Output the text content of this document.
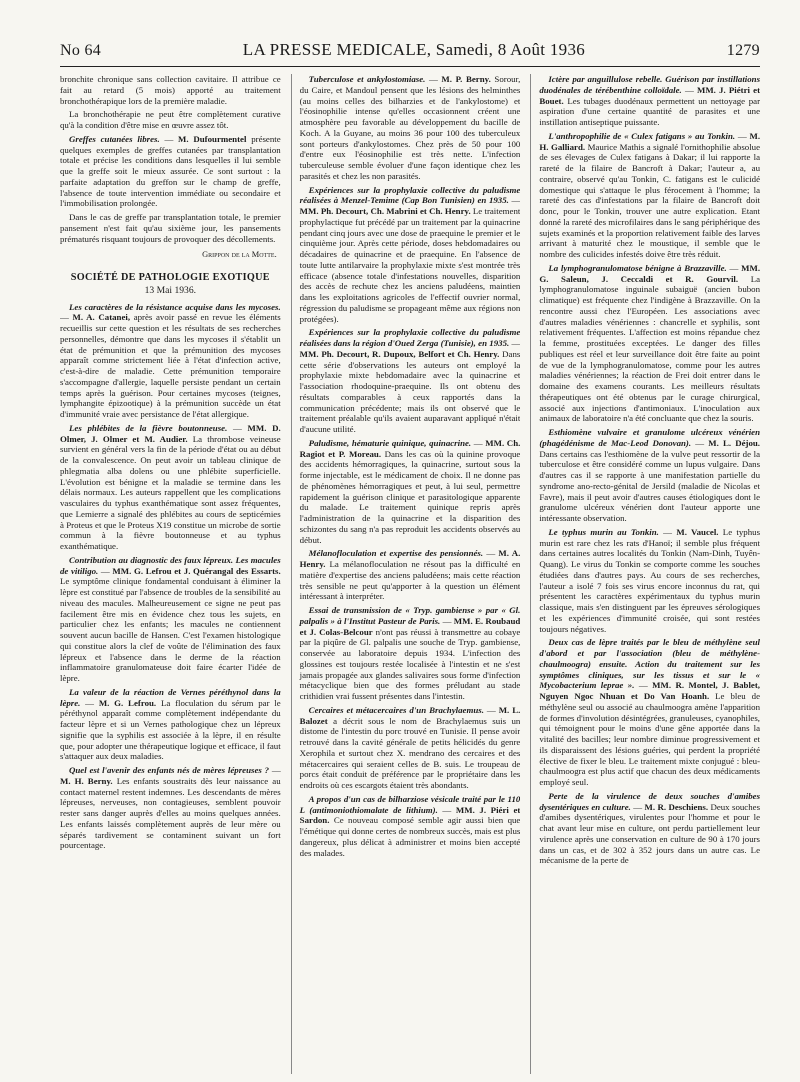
No 64	LA PRESSE MEDICALE, Samedi, 8 Août 1936	1279

bronchite chronique sans collection cavitaire. Il attribue ce fait au retard (5 mois) apporté au traitement bronchothérapique lors de la première maladie.

La bronchothérapie ne peut être complètement curative qu'à la condition d'être mise en œuvre assez tôt.

Greffes cutanées libres. — M. Dufourmentel présente quelques exemples de greffes cutanées par transplantation totale et précise les conditions dans lesquelles il lui semble que la greffe soit le mieux assurée. Ce sont surtout : la parfaite adaptation du greffon sur le champ de greffe, l'absence de toute intervention immédiate ou secondaire et l'immobilisation prolongée.

Dans le cas de greffe par transplantation totale, le premier pansement n'est fait qu'au sixième jour, les pansements prématurés risquant toujours de provoquer des décollements.

Grippon de la Motte.
SOCIÉTÉ DE PATHOLOGIE EXOTIQUE
13 Mai 1936.

Les caractères de la résistance acquise dans les mycoses. — M. A. Catanei, après avoir passé en revue les éléments recueillis sur cette question et les résultats de ses recherches personnelles, démontre que dans les mycoses il s'établit un état de prémunition et que la prémunition des mycoses apparaît comme strictement liée à l'état d'infection active, c'est-à-dire de maladie. Cette prémunition temporaire s'accompagne d'allergie, laquelle persiste pendant un certain temps après la guérison. Pour certaines mycoses (teignes, lymphangite épizootique) à la prémunition succède un état d'immunité vraie avec persistance de l'état allergique.

Les phlébites de la fièvre boutonneuse. — MM. D. Olmer, J. Olmer et M. Audier. La thrombose veineuse survient en général vers la fin de la période d'état ou au début de la convalescence. On peut avoir un tableau clinique de phlegmatia alba dolens ou une phlébite superficielle. L'évolution est bénigne et la maladie se termine dans les délais normaux. Les auteurs rappellent que les complications vasculaires du typhus exanthématique sont assez fréquentes, que Lemierre a signalé des phlébites au cours de septicémies à Proteus et que le Proteus X19 constitue un microbe de sortie commun à la fièvre boutonneuse et au typhus exanthématique.

Contribution au diagnostic des faux lépreux. Les macules de vitiligo. — MM. G. Lefrou et J. Quérangal des Essarts. Le symptôme clinique fondamental conduisant à éliminer la lèpre est constitué par l'absence de troubles de la sensibilité au niveau des macules. Malheureusement ce signe ne peut pas facilement être mis en évidence chez tous les sujets, en particulier chez les enfants; les macules ne contiennent souvent aucun bacille de Hansen. C'est l'examen histologique qui constitue alors la clef de voûte de l'élimination des faux lépreux et l'absence dans le derme de la réaction inflammatoire granulomateuse doit faire écarter l'idée de lèpre.

La valeur de la réaction de Vernes péréthynol dans la lèpre. — M. G. Lefrou. La floculation du sérum par le péréthynol apparaît comme complètement indépendante du facteur lèpre et si un Vernes pathologique chez un lépreux signifie que la syphilis est associée à la lèpre, il en résulte que, pour adopter une thérapeutique logique et efficace, il faut s'attaquer aux deux maladies.

Quel est l'avenir des enfants nés de mères lépreuses ? — M. H. Berny. Les enfants soustraits dès leur naissance au contact maternel restent indemnes. Les descendants de mères lépreuses, nerveuses, non contagieuses, semblent pouvoir rester sans danger auprès d'elles au moins quelques années. Les enfants laissés complètement auprès de leur mère ou séparés tardivement se contaminent suivant un fort pourcentage.

Tuberculose et ankylostomiase. — M. P. Berny. Sorour, du Caire, et Mandoul pensent que les lésions des helminthes (au moins celles des bilharzies et de l'ankylostome) et l'éosinophilie intense qu'elles occasionnent créent une atmosphère peu favorable au développement du bacille de Koch. A la Guyane, au moins 36 pour 100 des tuberculeux sont porteurs d'ankylostomes. Chez près de 50 pour 100 d'entre eux l'éosinophilie est très nette. L'infection tuberculeuse semble évoluer d'une façon identique chez les parasités et chez les non parasités.

Expériences sur la prophylaxie collective du paludisme réalisées à Menzel-Temime (Cap Bon Tunisien) en 1935. — MM. Ph. Decourt, Ch. Mabrini et Ch. Henry. Le traitement prophylactique fut précédé par un traitement par la quinacrine pendant cinq jours avec une dose de praequine le premier et le cinquième jour. Après cette période, doses hebdomadaires ou décadaires de quinacrine et de praequine. En l'absence de toute lutte antilarvaire la prophylaxie mixte s'est montrée très efficace (absence totale d'infestations nouvelles, disparition des accès de rechute chez les anciens paludéens, maintien dans les exploitations agricoles de l'effectif ouvrier normal, régression du paludisme se propageant même aux régions non protégées).

Expériences sur la prophylaxie collective du paludisme réalisées dans la région d'Oued Zerga (Tunisie), en 1935. — MM. Ph. Decourt, R. Dupoux, Belfort et Ch. Henry. Dans cette série d'observations les auteurs ont employé la prophylaxie mixte hebdomadaire avec la quinacrine et l'association rhodoquine-praequine. Ils ont obtenu des résultats comparables à ceux rapportés dans la communication précédente; mais ils ont observé que le traitement préalable qu'ils avaient auparavant appliqué n'était d'aucune utilité.

Paludisme, hématurie quinique, quinacrine. — MM. Ch. Ragiot et P. Moreau. Dans les cas où la quinine provoque des accidents hémorragiques, la quinacrine, surtout sous la forme injectable, est le médicament de choix. Il ne donne pas de phénomènes hémorragiques et peut, à lui seul, permettre rapidement la guérison clinique et parasitologique apparente du malade. Le traitement quinique repris après l'administration de la quinacrine et la disparition des schizontes du sang n'a pas reproduit les accidents observés au début.

Mélanofloculation et expertise des pensionnés. — M. A. Henry. La mélanofloculation ne résout pas la difficulté en matière d'expertise des anciens paludéens; mais cette réaction très sensible ne peut qu'apporter à la question un élément intéressant à interpréter.

Essai de transmission de « Tryp. gambiense » par « Gl. palpalis » à l'Institut Pasteur de Paris. — MM. E. Roubaud et J. Colas-Belcour n'ont pas réussi à transmettre au cobaye par la piqûre de Gl. palpalis une souche de Tryp. gambiense, conservée au laboratoire depuis 1934. L'infection des glossines est toujours restée localisée à l'intestin et ne s'est jamais propagée aux glandes salivaires sous forme d'infection métacyclique bien que des formes préludant au stade crithidien vrai fussent présentes dans l'intestin.

Cercaires et métacercaires d'un Brachylaemus. — M. L. Balozet a décrit sous le nom de Brachylaemus suis un distome de l'intestin du porc trouvé en Tunisie. Il pense avoir retrouvé dans la cavité générale de petits hélicidés du genre Xerophila et surtout chez X. mendrano des cercaires et des métacercaires qui seraient celles de B. suis. Le troupeau de porcs était conduit de préférence par le propriétaire dans les endroits où ces escargots étaient très abondants.

A propos d'un cas de bilharziose vésicale traité par le 110 L (antimoniothiomalate de lithium). — MM. J. Piéri et Sardon. Ce nouveau composé semble agir aussi bien que l'émétique qui donne certes de nombreux succès, mais est plus dangereux, plus délicat à administrer et moins bien accepté des malades.

Ictère par anguillulose rebelle. Guérison par instillations duodénales de térébenthine colloïdale. — MM. J. Piétri et Bouet. Les tubages duodénaux permettent un nettoyage par aspiration d'une certaine quantité de parasites et une instillation antiseptique puissante.

L'anthropophilie de « Culex fatigans » au Tonkin. — M. H. Galliard. Maurice Mathis a signalé l'ornithophilie absolue de ses élevages de Culex fatigans à Dakar; il lui rapporte la rareté de la filaire de Bancroft à Dakar; l'auteur a, au contraire, observé qu'au Tonkin, C. fatigans est le culicidé domestique qui s'attaque le plus férocement à l'homme; la rareté des cas d'infestations par la filaire de Bancroft doit donc, pour le Tonkin, trouver une autre explication. Etant donné la rareté des microfilaires dans le sang périphérique des sujets examinés et la proportion relativement faible des larves arrivant à maturité chez le moustique, il semble que le nombre des culicides infestés doive être très réduit.

La lymphogranulomatose bénigne à Brazzaville. — MM. G. Saleun, J. Ceccaldi et R. Gourvil. La lymphogranulomatose inguinale subaiguë (ancien bubon climatique) est fréquente chez l'indigène à Brazzaville. On la rencontre aussi chez l'Européen. Les associations avec d'autres maladies vénériennes : chancrelle et syphilis, sont relativement fréquentes. L'affection est moins répandue chez la femme, prostituées exceptées. Le danger des filles publiques est réel et leur surveillance doit être faite au point de vue de la lymphogranulomatose, comme pour les autres maladies vénériennes; la réaction de Frei doit entrer dans le domaine des examens courants. Les meilleurs résultats thérapeutiques ont été obtenus par le curage chirurgical, associé aux injections d'antimoniaux. L'inoculation aux animaux de laboratoire n'a été concluante que chez la souris.

Esthiomène vulvaire et granulome ulcéreux vénérien (phagédénisme de Mac-Leod Donovan). — M. L. Déjou. Dans certains cas l'esthiomène de la vulve peut ressortir de la tuberculose et être considéré comme un lupus vulgaire. Dans d'autres cas il se rapporte à une manifestation partielle du syndrome ano-recto-génital de Jersild (maladie de Nicolas et Favre), mais il peut avoir d'autres causes étiologiques dont le granulome ulcéreux vénérien dont l'auteur apporte une intéressante observation.

Le typhus murin au Tonkin. — M. Vaucel. Le typhus murin est rare chez les rats d'Hanoï; il semble plus fréquent dans certaines autres localités du Tonkin (Nam-Dinh, Tuyên-Quang). Le virus du Tonkin se comporte comme les souches étudiées dans d'autres pays. Au cours de ses recherches, l'auteur a isolé 7 fois ses virus encore inconnus du rat, qui présentent les caractères expérimentaux du typhus murin classique, mais s'en distinguent par les épreuves sérologiques et les expériences d'immunité croisée, qui sont restées toujours négatives.

Deux cas de lèpre traités par le bleu de méthylène seul d'abord et par l'association (bleu de méthylène-chaulmoogra) ensuite. Action du traitement sur les symptômes cliniques, sur les tissus et sur le « Mycobacterium leprae ». — MM. R. Montel, J. Bablet, Nguyen Ngoc Nhuan et Do Van Hoanh. Le bleu de méthylène seul ou associé au chaulmoogra amène l'apparition de formes d'involution désintégrées, granuleuses, cyanophiles, qui témoignent pour le moins d'une gêne apportée dans la vitalité des bacilles; leur nombre diminue progressivement et ils disparaissent des lésions guéries, qui perdent la propriété élective de fixer le bleu. Le traitement mixte conjugué : bleu-chaulmoogra est plus actif que chacun des deux médicaments employé seul.

Perte de la virulence de deux souches d'amibes dysentériques en culture. — M. R. Deschiens. Deux souches d'amibes dysentériques, virulentes pour l'homme et pour le chat avant leur mise en culture, ont perdu partiellement leur virulence après une conservation en culture de 90 à 170 jours dans un cas, et de 302 à 352 jours dans un autre cas. Le mécanisme de la perte de
